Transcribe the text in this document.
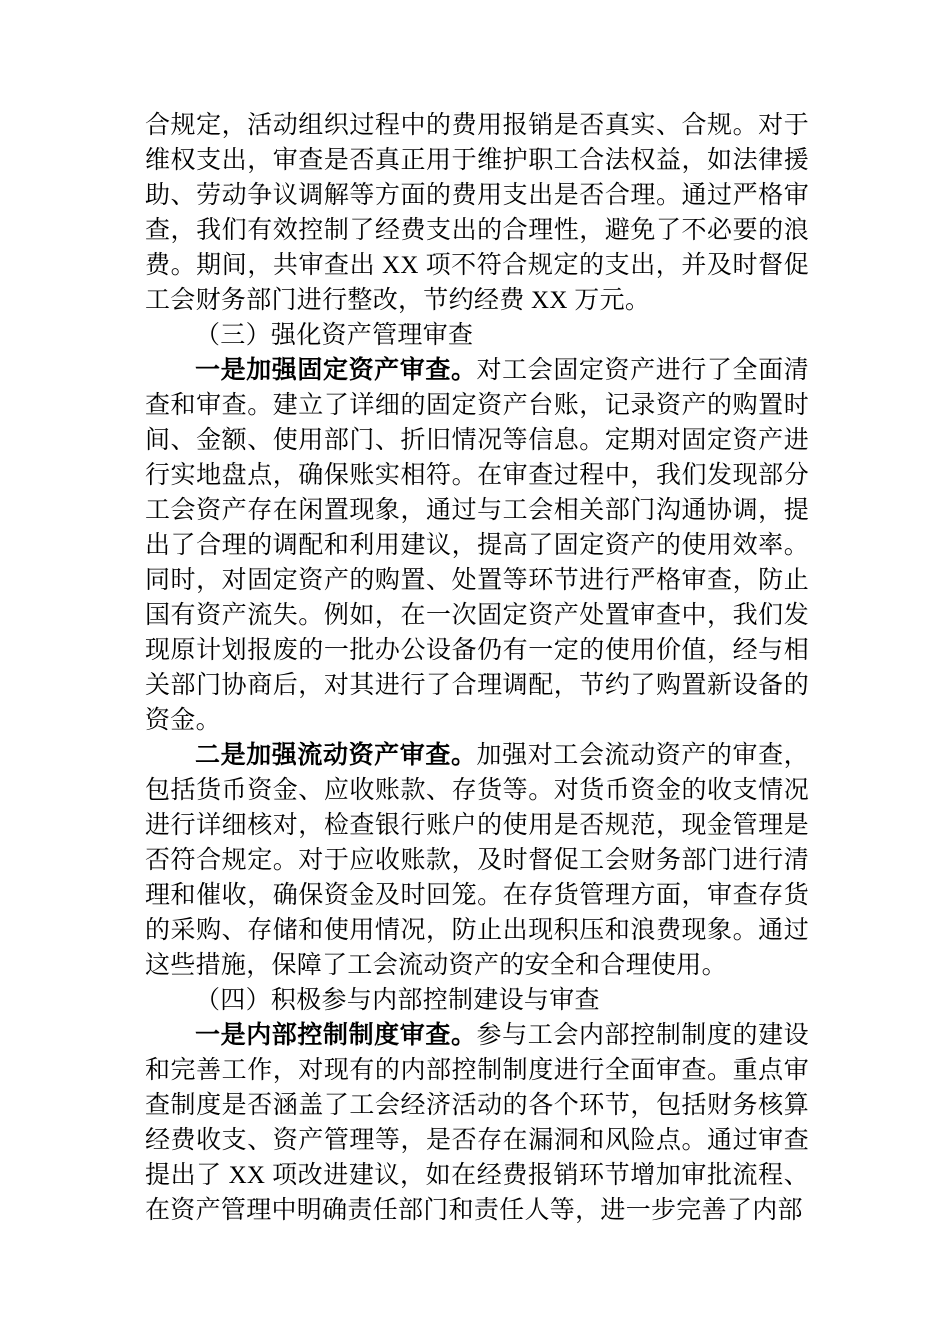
合规定，活动组织过程中的费用报销是否真实、合规。对于维权支出，审查是否真正用于维护职工合法权益，如法律援助、劳动争议调解等方面的费用支出是否合理。通过严格审查，我们有效控制了经费支出的合理性，避免了不必要的浪费。期间，共审查出 XX 项不符合规定的支出，并及时督促工会财务部门进行整改，节约经费 XX 万元。

（三）强化资产管理审查

一是加强固定资产审查。对工会固定资产进行了全面清查和审查。建立了详细的固定资产台账，记录资产的购置时间、金额、使用部门、折旧情况等信息。定期对固定资产进行实地盘点，确保账实相符。在审查过程中，我们发现部分工会资产存在闲置现象，通过与工会相关部门沟通协调，提出了合理的调配和利用建议，提高了固定资产的使用效率。同时，对固定资产的购置、处置等环节进行严格审查，防止国有资产流失。例如，在一次固定资产处置审查中，我们发现原计划报废的一批办公设备仍有一定的使用价值，经与相关部门协商后，对其进行了合理调配，节约了购置新设备的资金。

二是加强流动资产审查。加强对工会流动资产的审查，包括货币资金、应收账款、存货等。对货币资金的收支情况进行详细核对，检查银行账户的使用是否规范，现金管理是否符合规定。对于应收账款，及时督促工会财务部门进行清理和催收，确保资金及时回笼。在存货管理方面，审查存货的采购、存储和使用情况，防止出现积压和浪费现象。通过这些措施，保障了工会流动资产的安全和合理使用。

（四）积极参与内部控制建设与审查

一是内部控制制度审查。参与工会内部控制制度的建设和完善工作，对现有的内部控制制度进行全面审查。重点审查制度是否涵盖了工会经济活动的各个环节，包括财务核算经费收支、资产管理等，是否存在漏洞和风险点。通过审查提出了 XX 项改进建议，如在经费报销环节增加审批流程、在资产管理中明确责任部门和责任人等，进一步完善了内部
